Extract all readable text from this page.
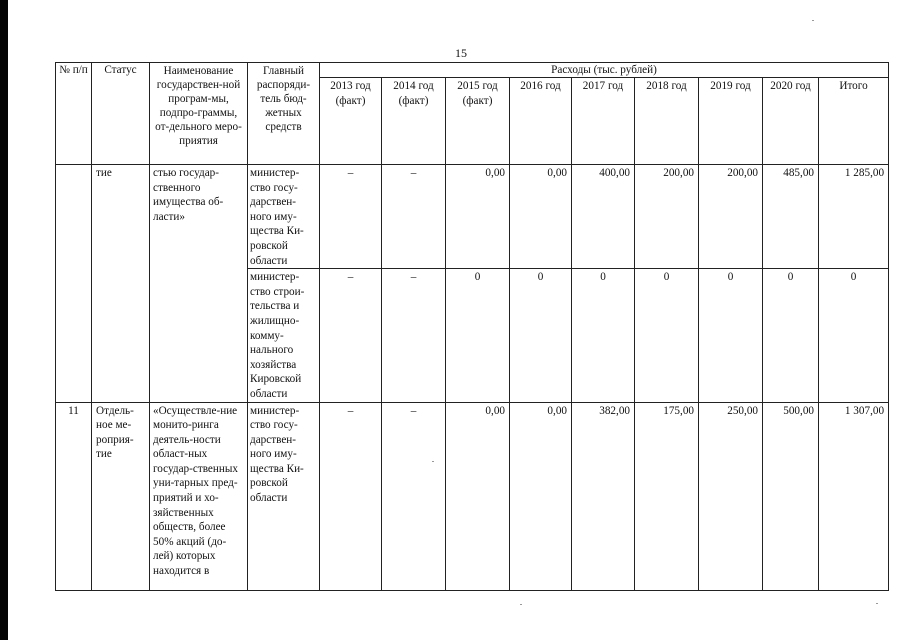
15
№ п/п	Статус	Наименование государствен-ной програм-мы, подпро-граммы, от-дельного меро-приятия	Главный распоряди-тель бюд-жетных средств	Расходы (тыс. рублей)								
				2013 год (факт)	2014 год (факт)	2015 год (факт)	2016 год	2017 год	2018 год	2019 год	2020 год	Итого
	тие	стью государ-ственного имущества об-ласти»	министер-ство госу-дарствен-ного иму-щества Ки-ровской области	–	–	0,00	0,00	400,00	200,00	200,00	485,00	1 285,00
			министер-ство строи-тельства и жилищно-комму-нального хозяйства Кировской области	–	–	0	0	0	0	0	0	0
11	Отдель-ное ме-роприя-тие	«Осуществле-ние монито-ринга деятель-ности област-ных государ-ственных уни-тарных пред-приятий и хо-зяйственных обществ, более 50% акций (до-лей) которых находится в	министер-ство госу-дарствен-ного иму-щества Ки-ровской области	–	–	0,00	0,00	382,00	175,00	250,00	500,00	1 307,00
